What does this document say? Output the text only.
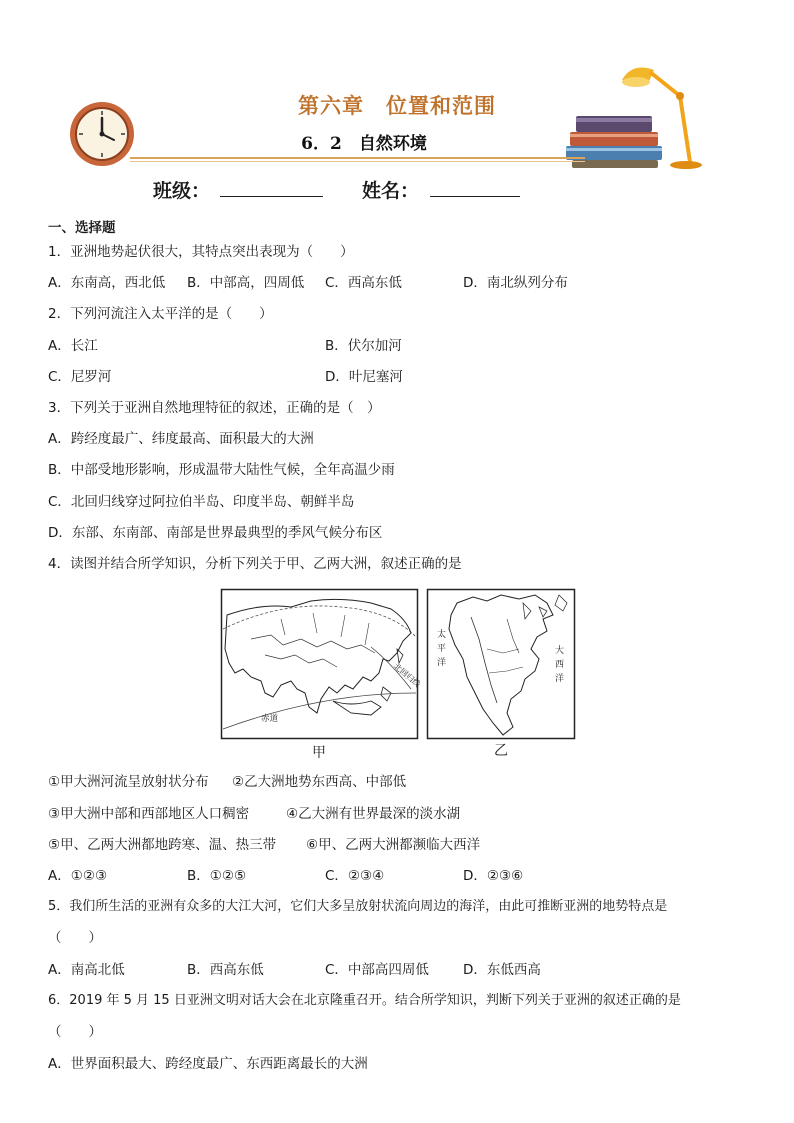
第六章　位置和范围
6．2　自然环境
班级：	姓名：
一、选择题
1．亚洲地势起伏很大，其特点突出表现为（　　）
A．东南高，西北低 B．中部高，四周低 C．西高东低	D．南北纵列分布
2．下列河流注入太平洋的是（　　）
A．长江	B．伏尔加河
C．尼罗河	D．叶尼塞河
3．下列关于亚洲自然地理特征的叙述，正确的是（　）
A．跨经度最广、纬度最高、面积最大的大洲
B．中部受地形影响，形成温带大陆性气候，全年高温少雨
C．北回归线穿过阿拉伯半岛、印度半岛、朝鲜半岛
D．东部、东南部、南部是世界最典型的季风气候分布区
4．读图并结合所学知识，分析下列关于甲、乙两大洲，叙述正确的是
北回归线
赤道
甲
太
平
洋
大
西
洋
乙
①甲大洲河流呈放射状分布 ②乙大洲地势东西高、中部低
③甲大洲中部和西部地区人口稠密	④乙大洲有世界最深的淡水湖
⑤甲、乙两大洲都地跨寒、温、热三带 ⑥甲、乙两大洲都濒临大西洋
A．①②③	B．①②⑤	C．②③④	D．②③⑥
5．我们所生活的亚洲有众多的大江大河，它们大多呈放射状流向周边的海洋，由此可推断亚洲的地势特点是
（　　）
A．南高北低	B．西高东低	C．中部高四周低	D．东低西高
6．2019 年 5 月 15 日亚洲文明对话大会在北京隆重召开。结合所学知识，判断下列关于亚洲的叙述正确的是
（　　）
A．世界面积最大、跨经度最广、东西距离最长的大洲
